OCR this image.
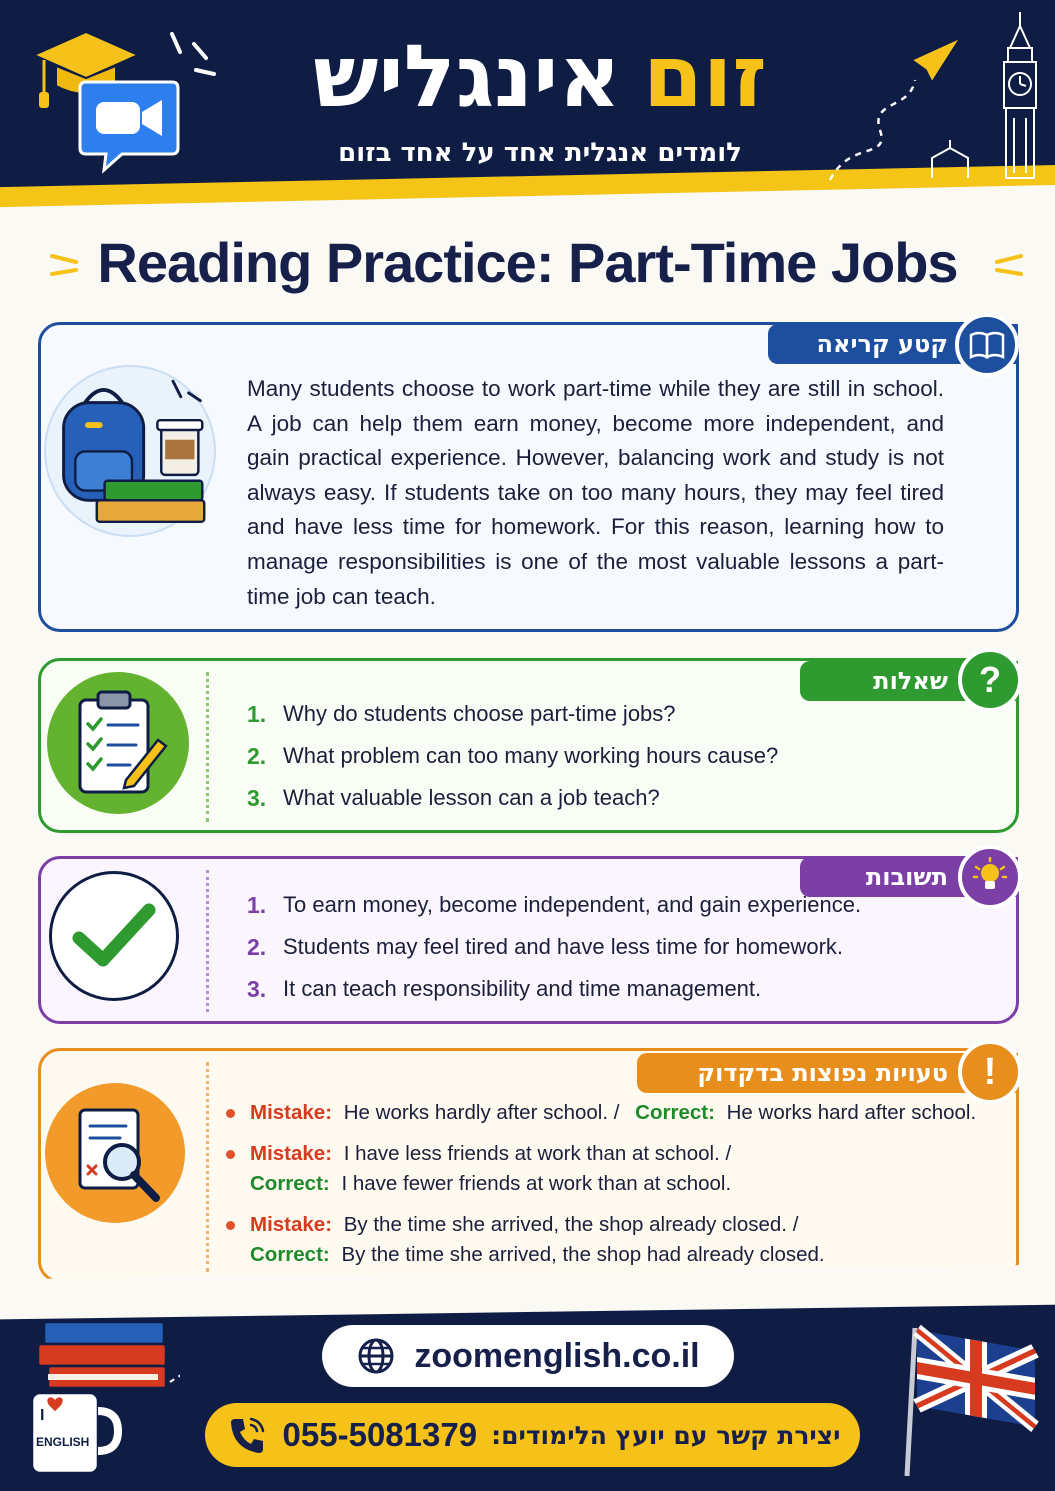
זום
אינגליש
לומדים אנגלית אחד על אחד בזום
Reading Practice: Part-Time Jobs
קטע קריאה
Many students choose to work part-time while they are still in school. A job can help them earn money, become more independent, and gain practical experience. However, balancing work and study is not always easy. If students take on too many hours, they may feel tired and have less time for homework. For this reason, learning how to manage responsibilities is one of the most valuable lessons a part-time job can teach.
שאלות ?
1. Why do students choose part-time jobs?
2. What problem can too many working hours cause?
3. What valuable lesson can a job teach?
תשובות
1. To earn money, become independent, and gain experience.
2. Students may feel tired and have less time for homework.
3. It can teach responsibility and time management.
טעויות נפוצות בדקדוק !
Mistake: He works hardly after school. / Correct: He works hard after school.
Mistake: I have less friends at work than at school. /
Correct: I have fewer friends at work than at school.
Mistake: By the time she arrived, the shop already closed. /
Correct: By the time she arrived, the shop had already closed.
I
ENGLISH
zoomenglish.co.il
יצירת קשר עם יועץ הלימודים:
055-5081379
